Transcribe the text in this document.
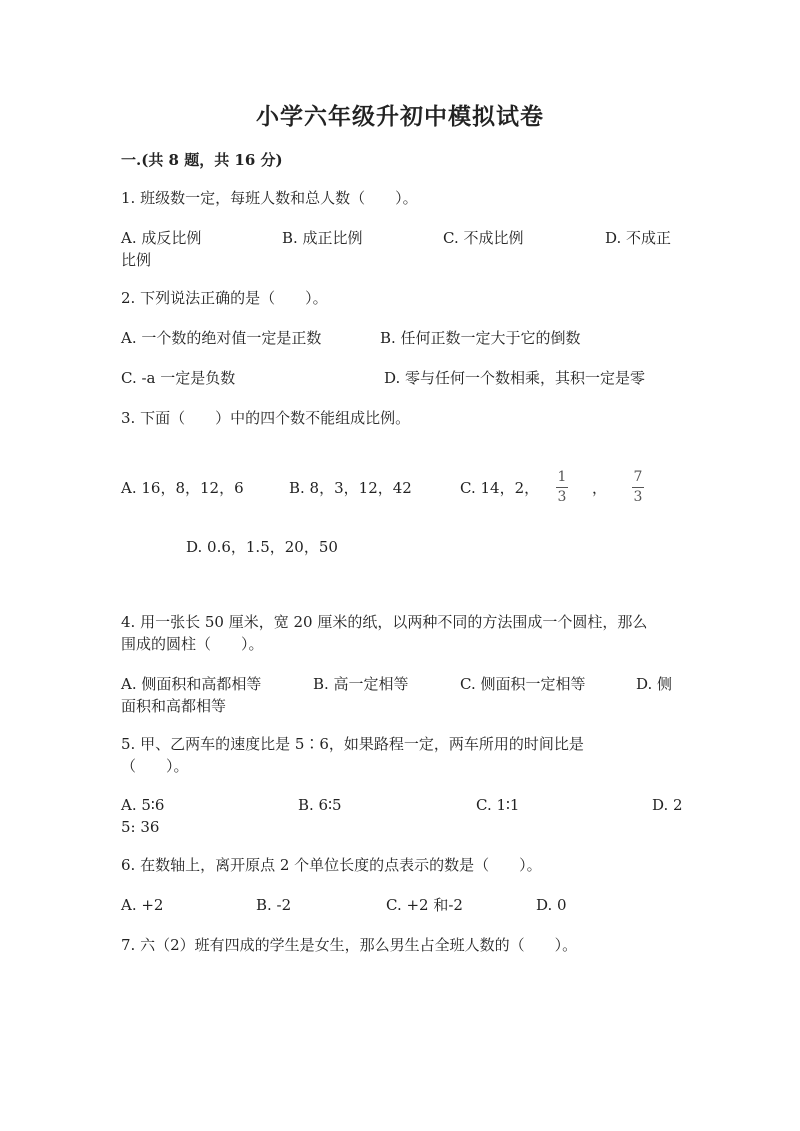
小学六年级升初中模拟试卷
一.(共 8 题，共 16 分)
1. 班级数一定，每班人数和总人数（　　）。
A. 成反比例	B. 成正比例	C. 不成比例	D. 不成正
比例
2. 下列说法正确的是（　　）。
A. 一个数的绝对值一定是正数	B. 任何正数一定大于它的倒数
C. -a 一定是负数	D. 零与任何一个数相乘，其积一定是零
3. 下面（　　）中的四个数不能组成比例。
A. 16，8，12，6	B. 8，3，12，42	C. 14，2，
1
3 ，
7
3
D. 0.6，1.5，20，50
4. 用一张长 50 厘米，宽 20 厘米的纸，以两种不同的方法围成一个圆柱，那么
围成的圆柱（　　）。
A. 侧面积和高都相等	B. 高一定相等	C. 侧面积一定相等	D. 侧
面积和高都相等
5. 甲、乙两车的速度比是 5∶6，如果路程一定，两车所用的时间比是
（　　）。
A. 5∶6	B. 6∶5	C. 1∶1	D. 2
5: 36
6. 在数轴上，离开原点 2 个单位长度的点表示的数是（　　）。
A. +2	B. -2	C. +2 和-2	D. 0
7. 六（2）班有四成的学生是女生，那么男生占全班人数的（　　）。
